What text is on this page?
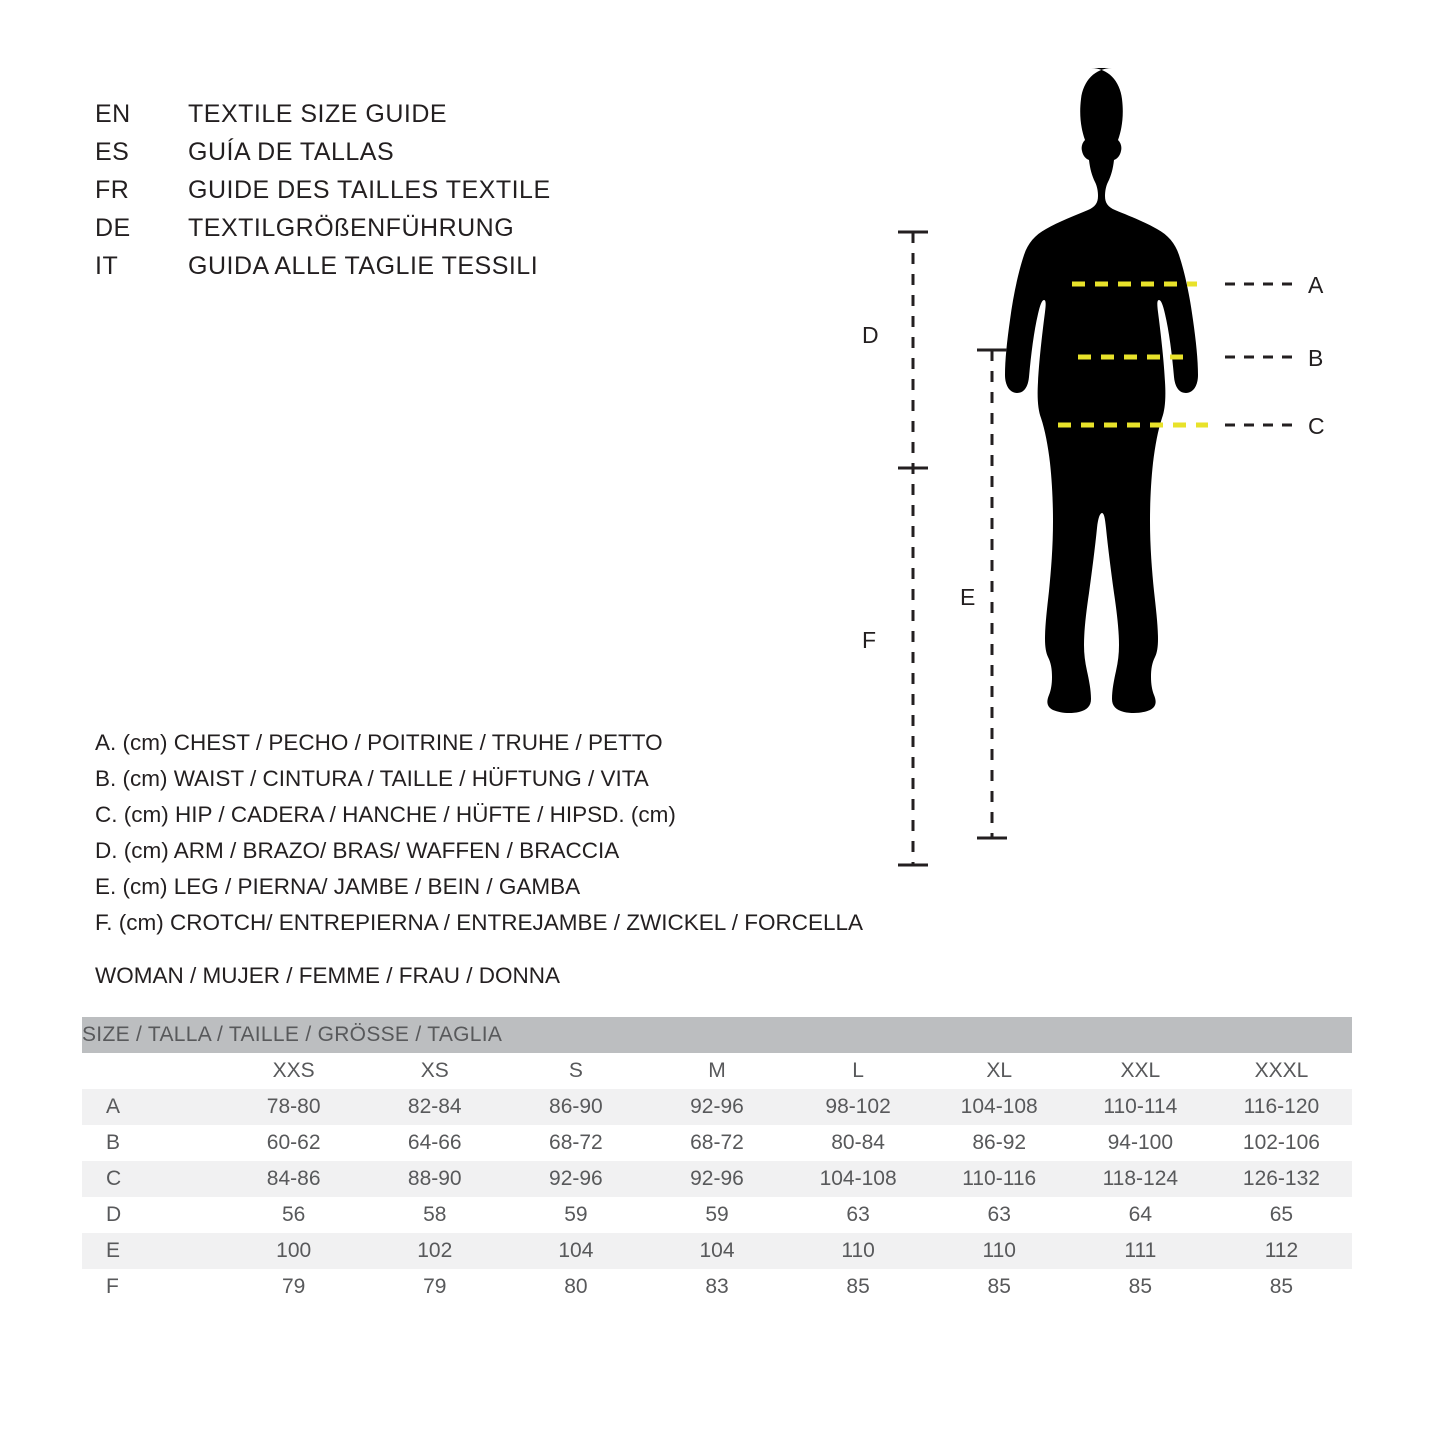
EN	TEXTILE SIZE GUIDE
ES	GUÍA DE TALLAS
FR	GUIDE DES TAILLES TEXTILE
DE	TEXTILGRÖßENFÜHRUNG
IT	GUIDA ALLE TAGLIE TESSILI
A. (cm) CHEST / PECHO / POITRINE / TRUHE / PETTO
B. (cm) WAIST / CINTURA / TAILLE / HÜFTUNG / VITA
C. (cm) HIP / CADERA / HANCHE / HÜFTE / HIPSD. (cm)
D. (cm) ARM / BRAZO/ BRAS/ WAFFEN / BRACCIA
E. (cm) LEG / PIERNA/ JAMBE / BEIN / GAMBA
F. (cm) CROTCH/ ENTREPIERNA / ENTREJAMBE / ZWICKEL / FORCELLA
WOMAN / MUJER / FEMME / FRAU / DONNA
SIZE / TALLA / TAILLE / GRÖSSE / TAGLIA								
	XXS	XS	S	M	L	XL	XXL	XXXL
A	78-80	82-84	86-90	92-96	98-102	104-108	110-114	116-120
B	60-62	64-66	68-72	68-72	80-84	86-92	94-100	102-106
C	84-86	88-90	92-96	92-96	104-108	110-116	118-124	126-132
D	56	58	59	59	63	63	64	65
E	100	102	104	104	110	110	111	112
F	79	79	80	83	85	85	85	85
D
F
E
A
B
C
